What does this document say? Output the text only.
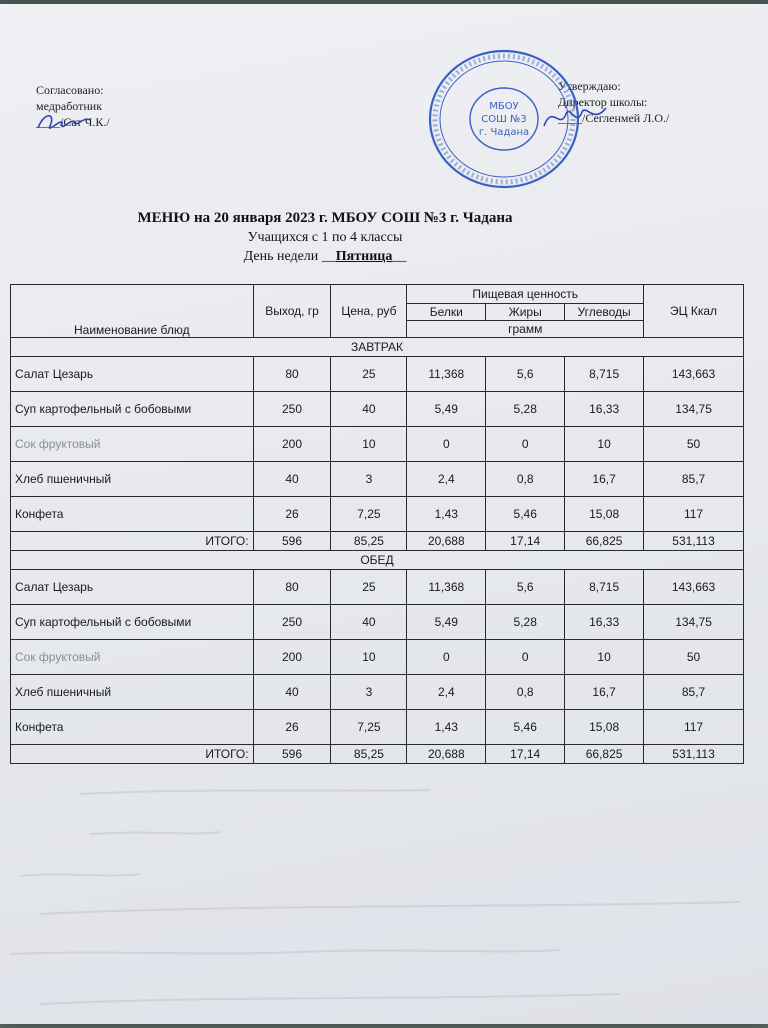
Согласовано:
медработник
____/Сат Ч.К./
Утверждаю:
Директор школы:
____/Сегленмей Л.О./
МБОУ
СОШ №3
г. Чадана
МЕНЮ на 20 января 2023 г. МБОУ СОШ №3 г. Чадана
Учащихся с 1 по 4 классы
День недели __Пятница__
Наименование блюд	Выход, гр	Цена, руб	Пищевая ценность			ЭЦ Ккал
			Белки	Жиры	Углеводы	
			грамм			
ЗАВТРАК						
Салат Цезарь	80	25	11,368	5,6	8,715	143,663
Суп картофельный с бобовыми	250	40	5,49	5,28	16,33	134,75
Сок фруктовый	200	10	0	0	10	50
Хлеб пшеничный	40	3	2,4	0,8	16,7	85,7
Конфета	26	7,25	1,43	5,46	15,08	117
ИТОГО:	596	85,25	20,688	17,14	66,825	531,113
ОБЕД						
Салат Цезарь	80	25	11,368	5,6	8,715	143,663
Суп картофельный с бобовыми	250	40	5,49	5,28	16,33	134,75
Сок фруктовый	200	10	0	0	10	50
Хлеб пшеничный	40	3	2,4	0,8	16,7	85,7
Конфета	26	7,25	1,43	5,46	15,08	117
ИТОГО:	596	85,25	20,688	17,14	66,825	531,113
